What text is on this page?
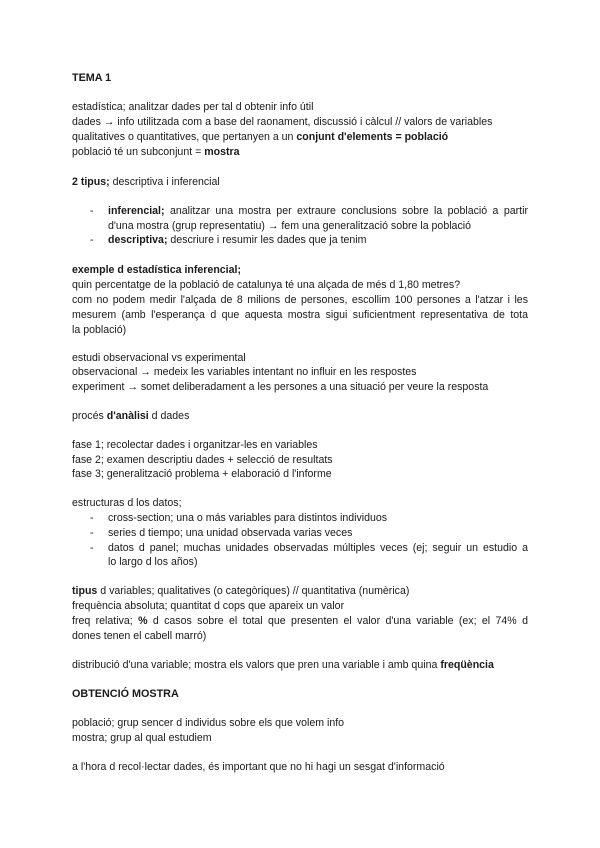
TEMA 1
estadística; analitzar dades per tal d obtenir info útil
dades → info utilitzada com a base del raonament, discussió i càlcul // valors de variables
qualitatives o quantitatives, que pertanyen a un conjunt d'elements = població
població té un subconjunt = mostra
2 tipus; descriptiva i inferencial
- inferencial; analitzar una mostra per extraure conclusions sobre la població a partir
d'una mostra (grup representatiu) → fem una generalització sobre la població
- descriptiva; descriure i resumir les dades que ja tenim
exemple d estadística inferencial;
quin percentatge de la població de catalunya té una alçada de més d 1,80 metres?
com no podem medir l'alçada de 8 milions de persones, escollim 100 persones a l'atzar i les
mesurem (amb l'esperança d que aquesta mostra sigui suficientment representativa de tota
la població)
estudi observacional vs experimental
observacional → medeix les variables intentant no influir en les respostes
experiment → somet deliberadament a les persones a una situació per veure la resposta
procés d'anàlisi d dades
fase 1; recolectar dades i organitzar-les en variables
fase 2; examen descriptiu dades + selecció de resultats
fase 3; generalització problema + elaboració d l'informe
estructuras d los datos;
- cross-section; una o más variables para distintos individuos
- series d tiempo; una unidad observada varias veces
- datos d panel; muchas unidades observadas múltiples veces (ej; seguir un estudio a
lo largo d los años)
tipus d variables; qualitatives (o categòriques) // quantitativa (numèrica)
frequència absoluta; quantitat d cops que apareix un valor
freq relativa; % d casos sobre el total que presenten el valor d'una variable (ex; el 74% d
dones tenen el cabell marró)
distribució d'una variable; mostra els valors que pren una variable i amb quina freqüència
OBTENCIÓ MOSTRA
població; grup sencer d individus sobre els que volem info
mostra; grup al qual estudiem
a l'hora d recol·lectar dades, és important que no hi hagi un sesgat d'informació
